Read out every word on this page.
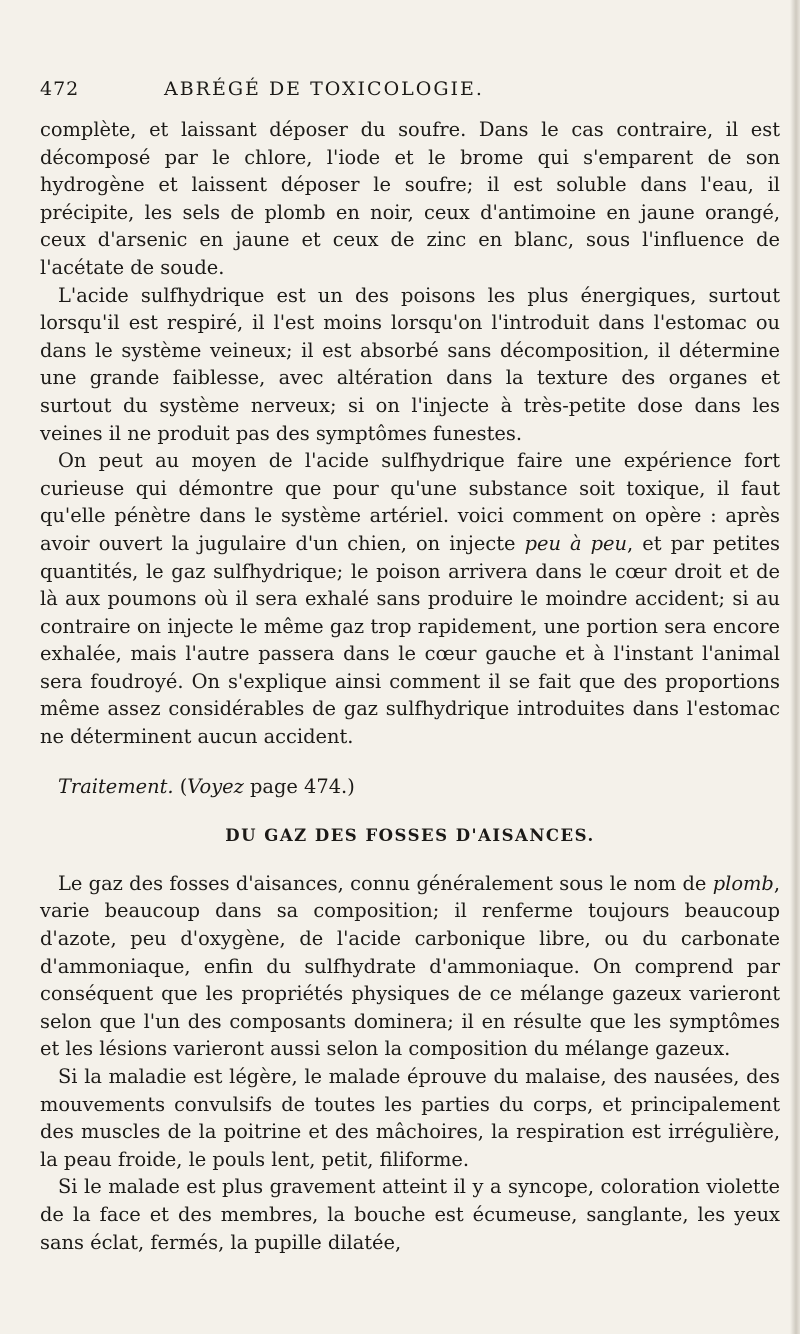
472	ABRÉGÉ DE TOXICOLOGIE.

complète, et laissant déposer du soufre. Dans le cas contraire, il est décomposé par le chlore, l'iode et le brome qui s'emparent de son hydrogène et laissent déposer le soufre; il est soluble dans l'eau, il précipite, les sels de plomb en noir, ceux d'antimoine en jaune orangé, ceux d'arsenic en jaune et ceux de zinc en blanc, sous l'influence de l'acétate de soude.

L'acide sulfhydrique est un des poisons les plus énergiques, surtout lorsqu'il est respiré, il l'est moins lorsqu'on l'introduit dans l'estomac ou dans le système veineux; il est absorbé sans décomposition, il détermine une grande faiblesse, avec altération dans la texture des organes et surtout du système nerveux; si on l'injecte à très-petite dose dans les veines il ne produit pas des symptômes funestes.

On peut au moyen de l'acide sulfhydrique faire une expérience fort curieuse qui démontre que pour qu'une substance soit toxique, il faut qu'elle pénètre dans le système artériel. voici comment on opère : après avoir ouvert la jugulaire d'un chien, on injecte peu à peu, et par petites quantités, le gaz sulfhydrique; le poison arrivera dans le cœur droit et de là aux poumons où il sera exhalé sans produire le moindre accident; si au contraire on injecte le même gaz trop rapidement, une portion sera encore exhalée, mais l'autre passera dans le cœur gauche et à l'instant l'animal sera foudroyé. On s'explique ainsi comment il se fait que des proportions même assez considérables de gaz sulfhydrique introduites dans l'estomac ne déterminent aucun accident.

Traitement. (Voyez page 474.)

DU GAZ DES FOSSES D'AISANCES.

Le gaz des fosses d'aisances, connu généralement sous le nom de plomb, varie beaucoup dans sa composition; il renferme toujours beaucoup d'azote, peu d'oxygène, de l'acide carbonique libre, ou du carbonate d'ammoniaque, enfin du sulfhydrate d'ammoniaque. On comprend par conséquent que les propriétés physiques de ce mélange gazeux varieront selon que l'un des composants dominera; il en résulte que les symptômes et les lésions varieront aussi selon la composition du mélange gazeux.

Si la maladie est légère, le malade éprouve du malaise, des nausées, des mouvements convulsifs de toutes les parties du corps, et principalement des muscles de la poitrine et des mâchoires, la respiration est irrégulière, la peau froide, le pouls lent, petit, filiforme.

Si le malade est plus gravement atteint il y a syncope, coloration violette de la face et des membres, la bouche est écumeuse, sanglante, les yeux sans éclat, fermés, la pupille dilatée,
